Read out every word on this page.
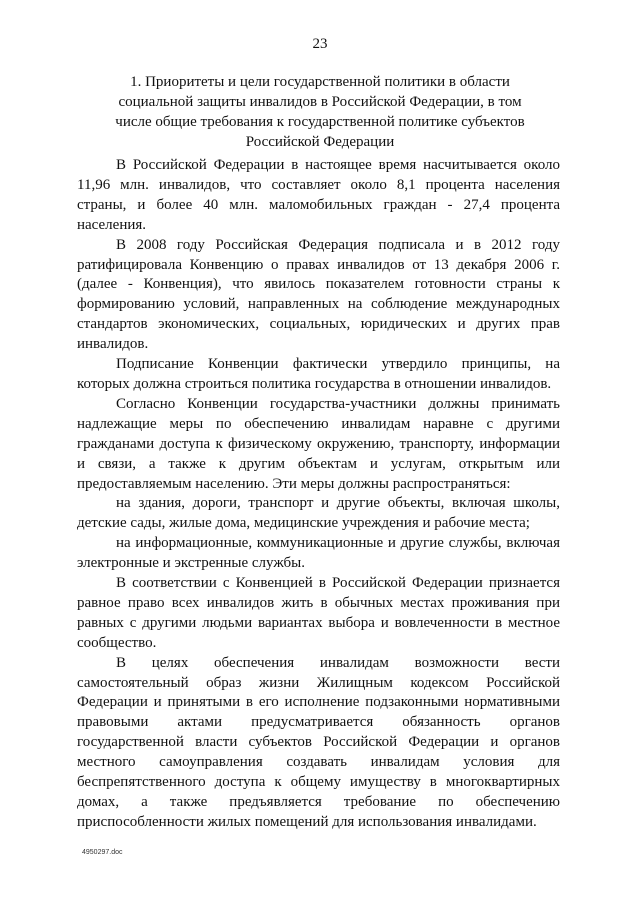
23
1. Приоритеты и цели государственной политики в области социальной защиты инвалидов в Российской Федерации, в том числе общие требования к государственной политике субъектов Российской Федерации

В Российской Федерации в настоящее время насчитывается около 11,96 млн. инвалидов, что составляет около 8,1 процента населения страны, и более 40 млн. маломобильных граждан - 27,4 процента населения.

В 2008 году Российская Федерация подписала и в 2012 году ратифицировала Конвенцию о правах инвалидов от 13 декабря 2006 г. (далее - Конвенция), что явилось показателем готовности страны к формированию условий, направленных на соблюдение международных стандартов экономических, социальных, юридических и других прав инвалидов.

Подписание Конвенции фактически утвердило принципы, на которых должна строиться политика государства в отношении инвалидов.

Согласно Конвенции государства-участники должны принимать надлежащие меры по обеспечению инвалидам наравне с другими гражданами доступа к физическому окружению, транспорту, информации и связи, а также к другим объектам и услугам, открытым или предоставляемым населению. Эти меры должны распространяться:

на здания, дороги, транспорт и другие объекты, включая школы, детские сады, жилые дома, медицинские учреждения и рабочие места;

на информационные, коммуникационные и другие службы, включая электронные и экстренные службы.

В соответствии с Конвенцией в Российской Федерации признается равное право всех инвалидов жить в обычных местах проживания при равных с другими людьми вариантах выбора и вовлеченности в местное сообщество.

В целях обеспечения инвалидам возможности вести самостоятельный образ жизни Жилищным кодексом Российской Федерации и принятыми в его исполнение подзаконными нормативными правовыми актами предусматривается обязанность органов государственной власти субъектов Российской Федерации и органов местного самоуправления создавать инвалидам условия для беспрепятственного доступа к общему имуществу в многоквартирных домах, а также предъявляется требование по обеспечению приспособленности жилых помещений для использования инвалидами.

4950297.doc
